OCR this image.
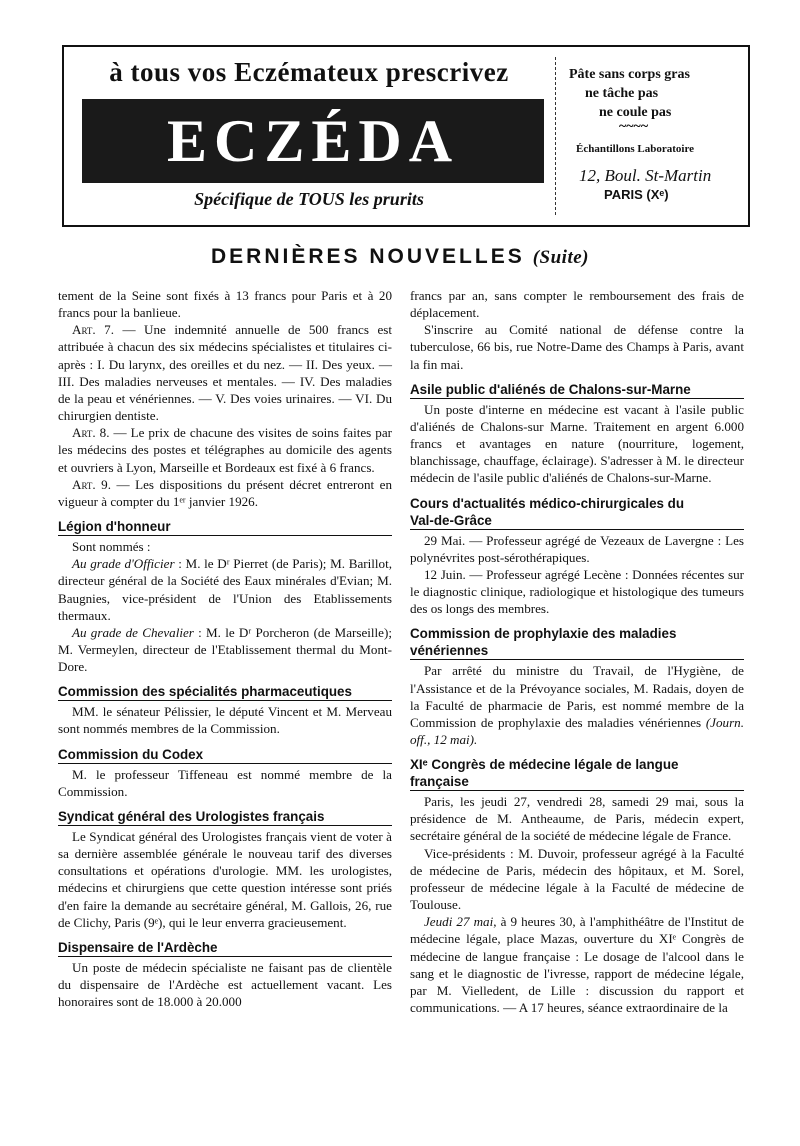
à tous vos Eczémateux prescrivez
ECZÉDA
Spécifique de TOUS les prurits
Pâte sans corps gras
ne tâche pas
ne coule pas
~~~~
Échantillons Laboratoire
12, Boul. St-Martin
PARIS (Xᵉ)
DERNIÈRES NOUVELLES (Suite)

tement de la Seine sont fixés à 13 francs pour Paris et à 20 francs pour la banlieue.

Art. 7. — Une indemnité annuelle de 500 francs est attribuée à chacun des six médecins spécialistes et titulaires ci-après : I. Du larynx, des oreilles et du nez. — II. Des yeux. — III. Des maladies nerveuses et mentales. — IV. Des maladies de la peau et vénériennes. — V. Des voies urinaires. — VI. Du chirurgien dentiste.

Art. 8. — Le prix de chacune des visites de soins faites par les médecins des postes et télégraphes au domicile des agents et ouvriers à Lyon, Marseille et Bordeaux est fixé à 6 francs.

Art. 9. — Les dispositions du présent décret entreront en vigueur à compter du 1ᵉʳ janvier 1926.

Légion d'honneur

Sont nommés :

Au grade d'Officier : M. le Dʳ Pierret (de Paris); M. Barillot, directeur général de la Société des Eaux minérales d'Evian; M. Baugnies, vice-président de l'Union des Etablissements thermaux.

Au grade de Chevalier : M. le Dʳ Porcheron (de Marseille); M. Vermeylen, directeur de l'Etablissement thermal du Mont-Dore.

Commission des spécialités pharmaceutiques

MM. le sénateur Pélissier, le député Vincent et M. Merveau sont nommés membres de la Commission.

Commission du Codex

M. le professeur Tiffeneau est nommé membre de la Commission.

Syndicat général des Urologistes français

Le Syndicat général des Urologistes français vient de voter à sa dernière assemblée générale le nouveau tarif des diverses consultations et opérations d'urologie. MM. les urologistes, médecins et chirurgiens que cette question intéresse sont priés d'en faire la demande au secrétaire général, M. Gallois, 26, rue de Clichy, Paris (9ᵉ), qui le leur enverra gracieusement.

Dispensaire de l'Ardèche

Un poste de médecin spécialiste ne faisant pas de clientèle du dispensaire de l'Ardèche est actuellement vacant. Les honoraires sont de 18.000 à 20.000

francs par an, sans compter le remboursement des frais de déplacement.

S'inscrire au Comité national de défense contre la tuberculose, 66 bis, rue Notre-Dame des Champs à Paris, avant la fin mai.

Asile public d'aliénés de Chalons-sur-Marne

Un poste d'interne en médecine est vacant à l'asile public d'aliénés de Chalons-sur Marne. Traitement en argent 6.000 francs et avantages en nature (nourriture, logement, blanchissage, chauffage, éclairage). S'adresser à M. le directeur médecin de l'asile public d'aliénés de Chalons-sur-Marne.

Cours d'actualités médico-chirurgicales du
Val-de-Grâce

29 Mai. — Professeur agrégé de Vezeaux de Lavergne : Les polynévrites post-sérothérapiques.

12 Juin. — Professeur agrégé Lecène : Données récentes sur le diagnostic clinique, radiologique et histologique des tumeurs des os longs des membres.

Commission de prophylaxie des maladies
vénériennes

Par arrêté du ministre du Travail, de l'Hygiène, de l'Assistance et de la Prévoyance sociales, M. Radais, doyen de la Faculté de pharmacie de Paris, est nommé membre de la Commission de prophylaxie des maladies vénériennes (Journ. off., 12 mai).

XIᵉ Congrès de médecine légale de langue
française

Paris, les jeudi 27, vendredi 28, samedi 29 mai, sous la présidence de M. Antheaume, de Paris, médecin expert, secrétaire général de la société de médecine légale de France.

Vice-présidents : M. Duvoir, professeur agrégé à la Faculté de médecine de Paris, médecin des hôpitaux, et M. Sorel, professeur de médecine légale à la Faculté de médecine de Toulouse.

Jeudi 27 mai, à 9 heures 30, à l'amphithéâtre de l'Institut de médecine légale, place Mazas, ouverture du XIᵉ Congrès de médecine de langue française : Le dosage de l'alcool dans le sang et le diagnostic de l'ivresse, rapport de médecine légale, par M. Vielledent, de Lille : discussion du rapport et communications. — A 17 heures, séance extraordinaire de la
